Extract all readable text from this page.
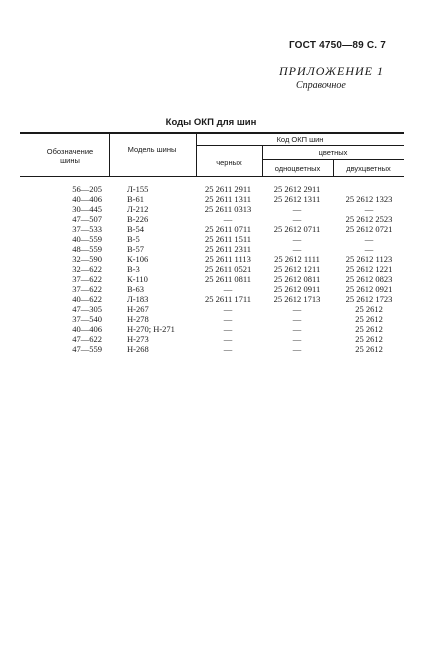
ГОСТ 4750—89 С. 7
ПРИЛОЖЕНИЕ 1
Справочное
Коды ОКП для шин
Обозначение шины
Модель шины
Код ОКП шин
черных
цветных
одноцветных	двухцветных
56—205	Л-155	25 2611 2911	25 2612 2911
40—406	В-61	25 2611 1311	25 2612 1311	25 2612 1323
30—445	Л-212	25 2611 0313	—	—
47—507	В-226	—	—	25 2612 2523
37—533	В-54	25 2611 0711	25 2612 0711	25 2612 0721
40—559	В-5	25 2611 1511	—	—
48—559	В-57	25 2611 2311	—	—
32—590	К-106	25 2611 1113	25 2612 1111	25 2612 1123
32—622	В-3	25 2611 0521	25 2612 1211	25 2612 1221
37—622	К-110	25 2611 0811	25 2612 0811	25 2612 0823
37—622	В-63	—	25 2612 0911	25 2612 0921
40—622	Л-183	25 2611 1711	25 2612 1713	25 2612 1723
47—305	Н-267	—	—	25 2612
37—540	Н-278	—	—	25 2612
40—406	Н-270; Н-271	—	—	25 2612
47—622	Н-273	—	—	25 2612
47—559	Н-268	—	—	25 2612
